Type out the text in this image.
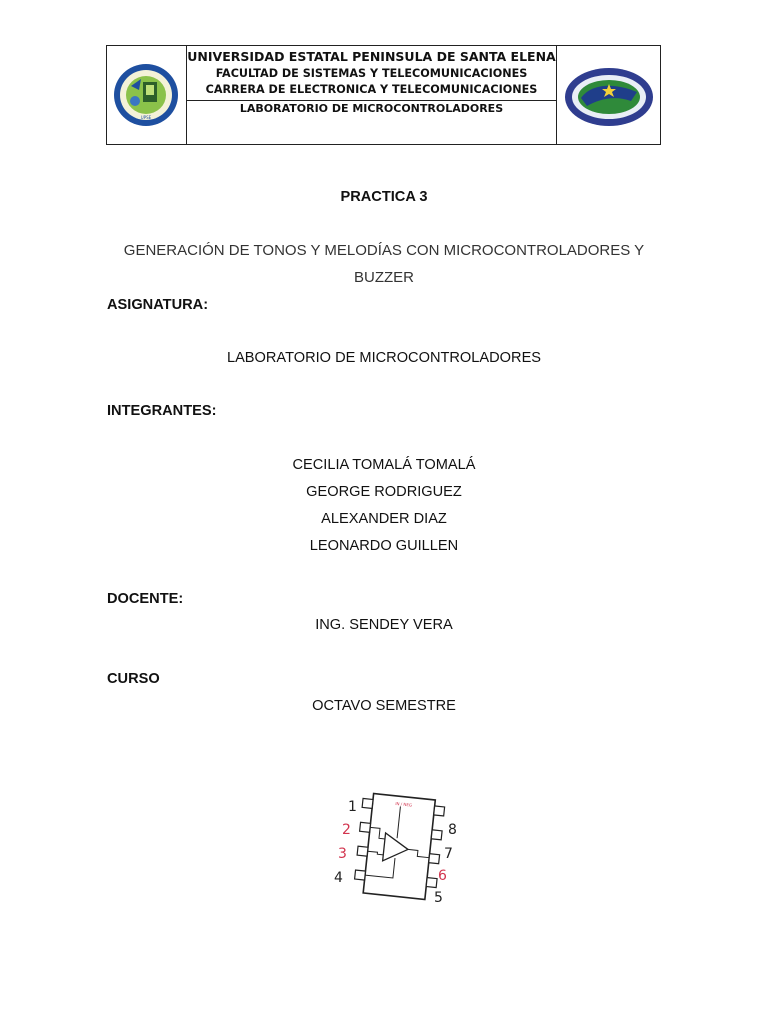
UPSE
UNIVERSIDAD ESTATAL PENINSULA DE SANTA ELENA
FACULTAD DE SISTEMAS Y TELECOMUNICACIONES
CARRERA DE ELECTRONICA Y TELECOMUNICACIONES
LABORATORIO DE MICROCONTROLADORES
PRACTICA 3
GENERACIÓN DE TONOS Y MELODÍAS CON MICROCONTROLADORES Y
BUZZER
ASIGNATURA:
LABORATORIO DE MICROCONTROLADORES
INTEGRANTES:
CECILIA TOMALÁ TOMALÁ
GEORGE RODRIGUEZ
ALEXANDER DIAZ
LEONARDO GUILLEN
DOCENTE:
ING. SENDEY VERA
CURSO
OCTAVO SEMESTRE
IN / NEG
1
2
3
4
8
7
6
5
